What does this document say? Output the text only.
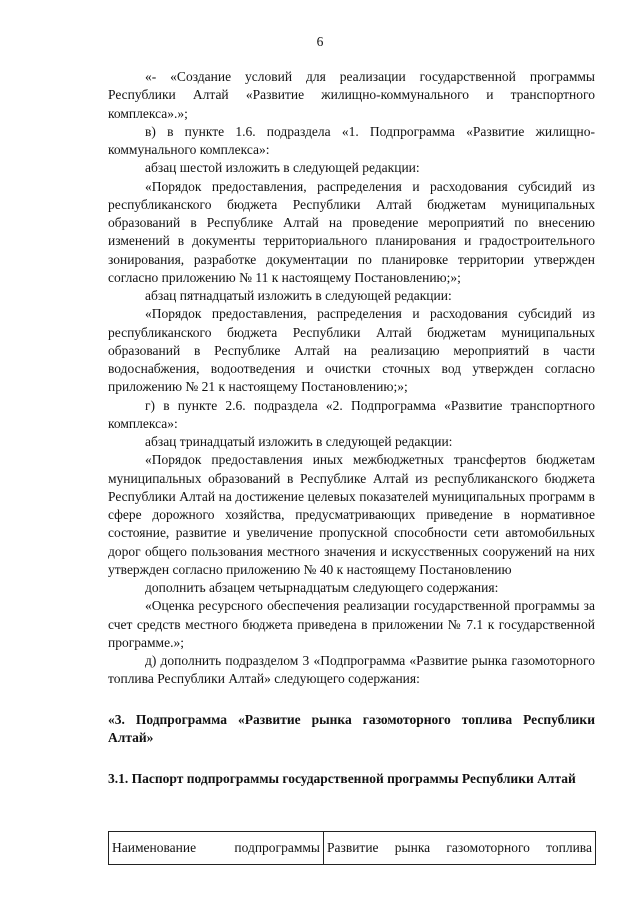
6

«- «Создание условий для реализации государственной программы Республики Алтай «Развитие жилищно-коммунального и транспортного комплекса».»;

в) в пункте 1.6. подраздела «1. Подпрограмма «Развитие жилищно-коммунального комплекса»:

абзац шестой изложить в следующей редакции:

«Порядок предоставления, распределения и расходования субсидий из республиканского бюджета Республики Алтай бюджетам муниципальных образований в Республике Алтай на проведение мероприятий по внесению изменений в документы территориального планирования и градостроительного зонирования, разработке документации по планировке территории утвержден согласно приложению № 11 к настоящему Постановлению;»;

абзац пятнадцатый изложить в следующей редакции:

«Порядок предоставления, распределения и расходования субсидий из республиканского бюджета Республики Алтай бюджетам муниципальных образований в Республике Алтай на реализацию мероприятий в части водоснабжения, водоотведения и очистки сточных вод утвержден согласно приложению № 21 к настоящему Постановлению;»;

г) в пункте 2.6. подраздела «2. Подпрограмма «Развитие транспортного комплекса»:

абзац тринадцатый изложить в следующей редакции:

«Порядок предоставления иных межбюджетных трансфертов бюджетам муниципальных образований в Республике Алтай из республиканского бюджета Республики Алтай на достижение целевых показателей муниципальных программ в сфере дорожного хозяйства, предусматривающих приведение в нормативное состояние, развитие и увеличение пропускной способности сети автомобильных дорог общего пользования местного значения и искусственных сооружений на них утвержден согласно приложению № 40 к настоящему Постановлению

дополнить абзацем четырнадцатым следующего содержания:

«Оценка ресурсного обеспечения реализации государственной программы за счет средств местного бюджета приведена в приложении № 7.1 к государственной программе.»;

д) дополнить подразделом 3 «Подпрограмма «Развитие рынка газомоторного топлива Республики Алтай» следующего содержания:

«3. Подпрограмма «Развитие рынка газомоторного топлива Республики Алтай»

3.1. Паспорт подпрограммы государственной программы Республики Алтай

Наименование подпрограммы	Развитие рынка газомоторного топлива
